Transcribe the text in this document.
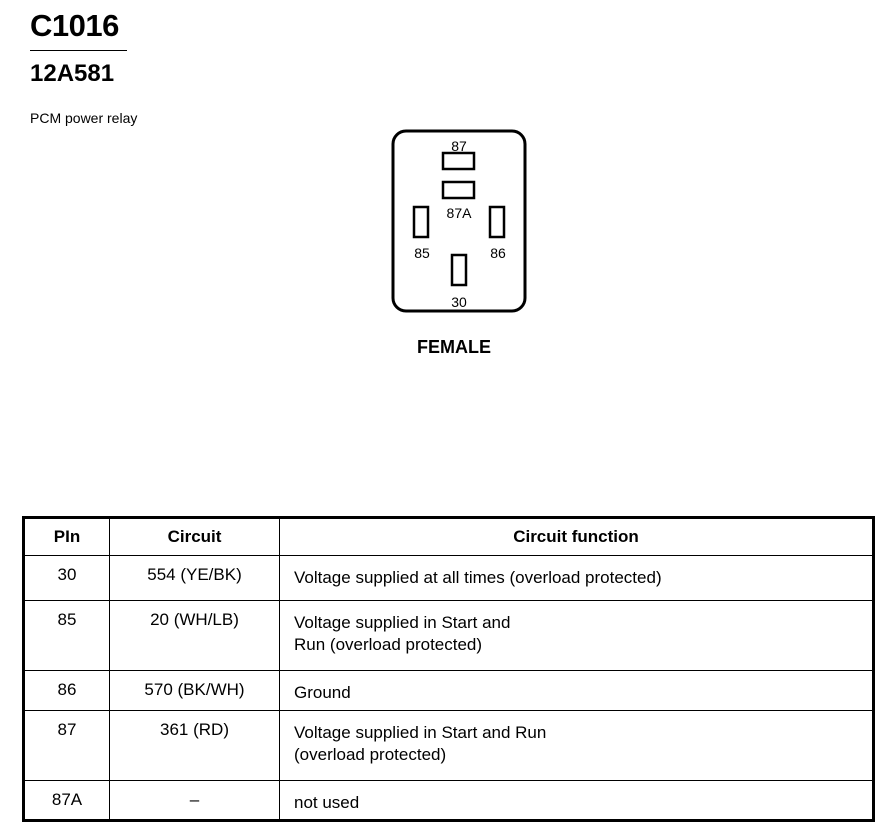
C1016
12A581
PCM power relay
87
87A
85	86
30
FEMALE
PIn	Circuit	Circuit function
30	554 (YE/BK)	Voltage supplied at all times (overload protected)

85	20 (WH/LB)	Voltage supplied in Start and
Run (overload protected)

86	570 (BK/WH)	Ground

87	361 (RD)	Voltage supplied in Start and Run
(overload protected)

87A	–	not used
